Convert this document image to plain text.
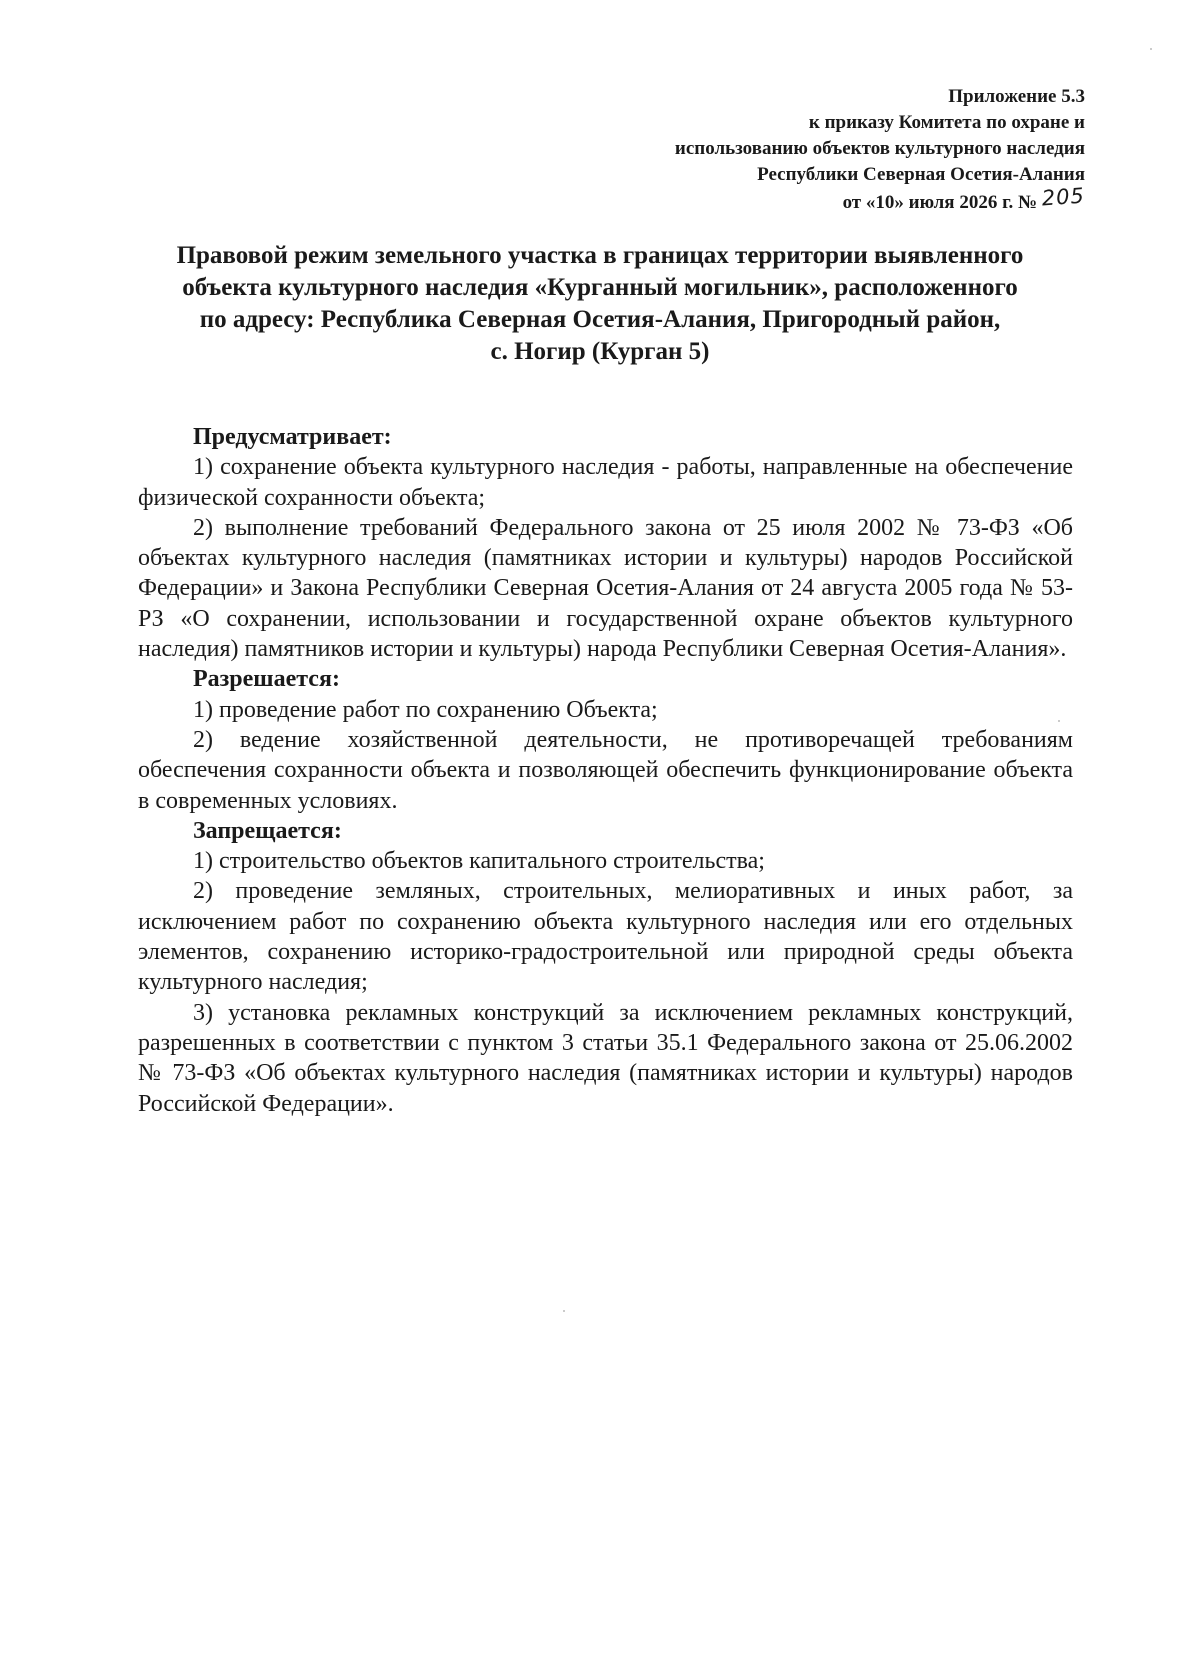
Приложение 5.3
к приказу Комитета по охране и
использованию объектов культурного наследия
Республики Северная Осетия-Алания
от «10» июля 2026 г. № 205
Правовой режим земельного участка в границах территории выявленного
объекта культурного наследия «Курганный могильник», расположенного
по адресу: Республика Северная Осетия-Алания, Пригородный район,
с. Ногир (Курган 5)
Предусматривает:

1) сохранение объекта культурного наследия - работы, направленные на обеспечение физической сохранности объекта;

2) выполнение требований Федерального закона от 25 июля 2002 № 73-ФЗ «Об объектах культурного наследия (памятниках истории и культуры) народов Российской Федерации» и Закона Республики Северная Осетия-Алания от 24 августа 2005 года № 53-РЗ «О сохранении, использовании и государственной охране объектов культурного наследия) памятников истории и культуры) народа Республики Северная Осетия-Алания».

Разрешается:

1) проведение работ по сохранению Объекта;

2) ведение хозяйственной деятельности, не противоречащей требованиям обеспечения сохранности объекта и позволяющей обеспечить функционирование объекта в современных условиях.

Запрещается:

1) строительство объектов капитального строительства;

2) проведение земляных, строительных, мелиоративных и иных работ, за исключением работ по сохранению объекта культурного наследия или его отдельных элементов, сохранению историко-градостроительной или природной среды объекта культурного наследия;

3) установка рекламных конструкций за исключением рекламных конструкций, разрешенных в соответствии с пунктом 3 статьи 35.1 Федерального закона от 25.06.2002 № 73-ФЗ «Об объектах культурного наследия (памятниках истории и культуры) народов Российской Федерации».
